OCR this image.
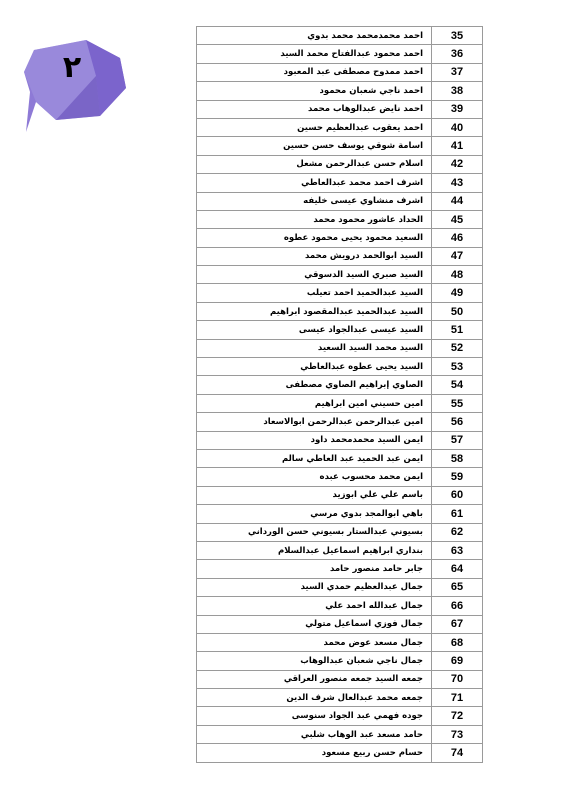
٢
احمد محمدمحمد محمد بدوي	35
احمد محمود عبدالفتاح محمد السيد	36
احمد ممدوح مصطفى عبد المعبود	37
احمد ناجي شعبان محمود	38
احمد نايض عبدالوهاب محمد	39
احمد يعقوب عبدالعظيم حسين	40
اسامة شوقي يوسف حسن حسين	41
اسلام حسن عبدالرحمن مشعل	42
اشرف احمد محمد عبدالعاطي	43
اشرف منشاوي عيسى خليفه	44
الحداد عاشور محمود محمد	45
السعيد محمود يحيى محمود عطوه	46
السيد ابوالحمد درويش محمد	47
السيد صبري السيد الدسوقي	48
السيد عبدالحميد احمد تعيلب	49
السيد عبدالحميد عبدالمقصود ابراهيم	50
السيد عيسى عبدالجواد عيسى	51
السيد محمد السيد السعيد	52
السيد يحيى عطوه عبدالعاطي	53
الصاوي إبراهيم الصاوي مصطفى	54
امين حسيني امين ابراهيم	55
امين عبدالرحمن عبدالرحمن ابوالاسعاد	56
ايمن السيد محمدمحمد داود	57
ايمن عبد الحميد عبد العاطي سالم	58
ايمن محمد محسوب عبده	59
باسم علي علي ابوزيد	60
باهي ابوالمجد بدوي مرسي	61
بسيوني عبدالستار بسيوني حسن الورداني	62
بنداري ابراهيم اسماعيل عبدالسلام	63
جابر حامد منصور حامد	64
جمال عبدالعظيم حمدي السيد	65
جمال عبدالله احمد علي	66
جمال فوزي اسماعيل متولي	67
جمال مسعد عوض محمد	68
جمال ناجي شعبان عبدالوهاب	69
جمعه السيد جمعه منصور العراقي	70
جمعه محمد عبدالعال شرف الدين	71
جوده فهمي عبد الجواد سنوسى	72
حامد مسعد عبد الوهاب شلبي	73
حسام حسن ربيع مسعود	74
